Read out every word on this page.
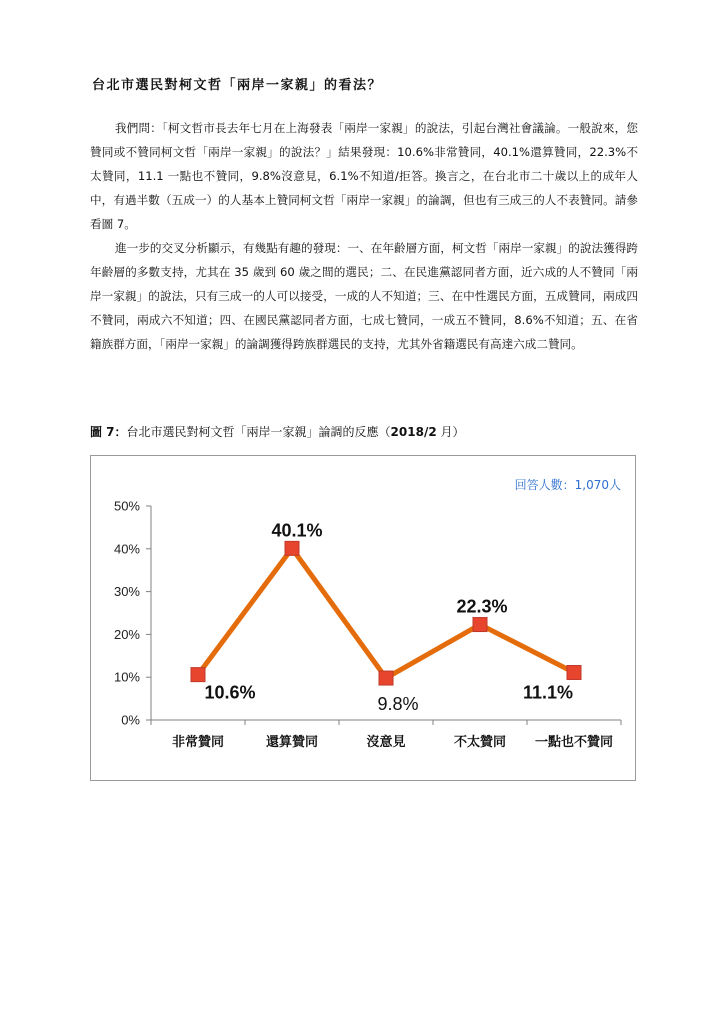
台北市選民對柯文哲「兩岸一家親」的看法？
我們問：「柯文哲市長去年七月在上海發表「兩岸一家親」的說法，引起台灣社會議論。一般說來，您贊同或不贊同柯文哲「兩岸一家親」的說法？」結果發現：10.6%非常贊同，40.1%還算贊同，22.3%不太贊同，11.1 一點也不贊同，9.8%沒意見，6.1%不知道/拒答。換言之，在台北市二十歲以上的成年人中，有過半數（五成一）的人基本上贊同柯文哲「兩岸一家親」的論調，但也有三成三的人不表贊同。請參看圖 7。
進一步的交叉分析顯示，有幾點有趣的發現：一、在年齡層方面，柯文哲「兩岸一家親」的說法獲得跨年齡層的多數支持，尤其在 35 歲到 60 歲之間的選民；二、在民進黨認同者方面，近六成的人不贊同「兩岸一家親」的說法，只有三成一的人可以接受，一成的人不知道；三、在中性選民方面，五成贊同，兩成四不贊同，兩成六不知道；四、在國民黨認同者方面，七成七贊同，一成五不贊同，8.6%不知道；五、在省籍族群方面，「兩岸一家親」的論調獲得跨族群選民的支持，尤其外省籍選民有高達六成二贊同。
圖 7：台北市選民對柯文哲「兩岸一家親」論調的反應（2018/2 月）
0%
10%
20%
30%
40%
50%
非常贊同	還算贊同	沒意見	不太贊同 一點也不贊同
10.6%
40.1%
9.8%
22.3%
11.1%
回答人數：1,070人
